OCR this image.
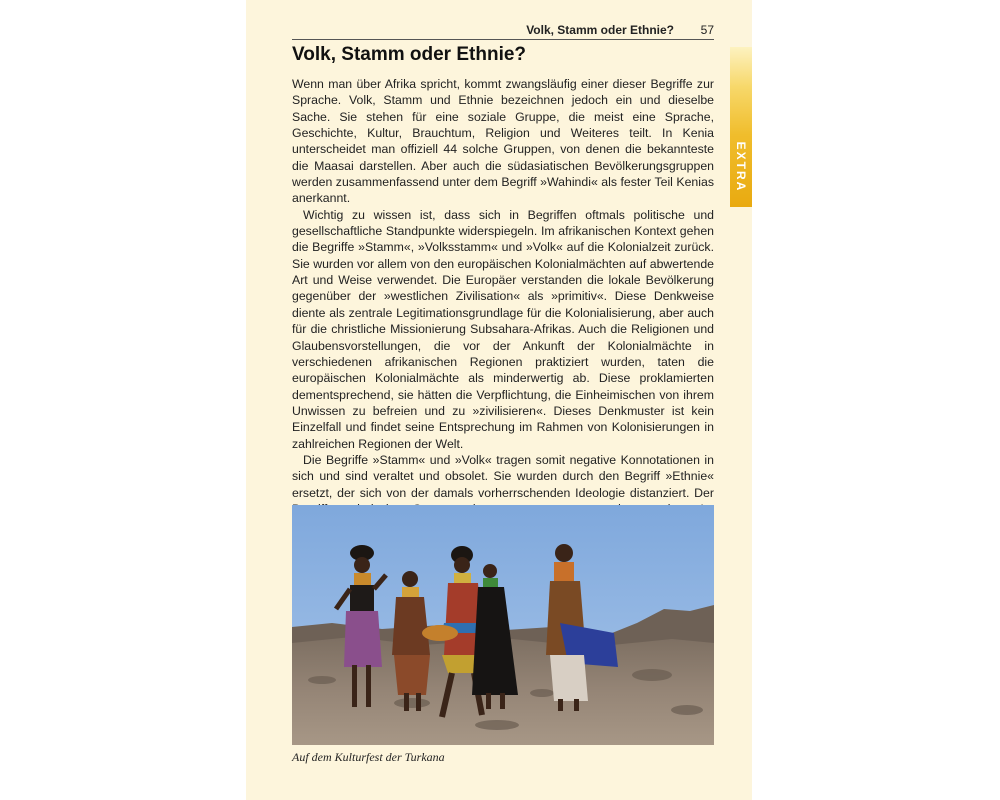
Volk, Stamm oder Ethnie? 57
EXTRA
Volk, Stamm oder Ethnie?

Wenn man über Afrika spricht, kommt zwangsläufig einer dieser Begriffe zur Sprache. Volk, Stamm und Ethnie bezeichnen jedoch ein und dieselbe Sache. Sie stehen für eine soziale Gruppe, die meist eine Sprache, Geschichte, Kultur, Brauchtum, Religion und Weiteres teilt. In Kenia unterscheidet man offiziell 44 solche Gruppen, von denen die bekannteste die Maasai darstellen. Aber auch die südasiatischen Bevölkerungsgruppen werden zusammenfassend unter dem Begriff »Wahindi« als fester Teil Kenias anerkannt.

Wichtig zu wissen ist, dass sich in Begriffen oftmals politische und gesellschaftliche Standpunkte widerspiegeln. Im afrikanischen Kontext gehen die Begriffe »Stamm«, »Volksstamm« und »Volk« auf die Kolonialzeit zurück. Sie wurden vor allem von den europäischen Kolonialmächten auf abwertende Art und Weise verwendet. Die Europäer verstanden die lokale Bevölkerung gegenüber der »westlichen Zivilisation« als »primitiv«. Diese Denkweise diente als zentrale Legitimationsgrundlage für die Kolonialisierung, aber auch für die christliche Missionierung Subsahara-Afrikas. Auch die Religionen und Glaubensvorstellungen, die vor der Ankunft der Kolonialmächte in verschiedenen afrikanischen Regionen praktiziert wurden, taten die europäischen Kolonialmächte als minderwertig ab. Diese proklamierten dementsprechend, sie hätten die Verpflichtung, die Einheimischen von ihrem Unwissen zu befreien und zu »zivilisieren«. Dieses Denkmuster ist kein Einzelfall und findet seine Entsprechung im Rahmen von Kolonisierungen in zahlreichen Regionen der Welt.

Die Begriffe »Stamm« und »Volk« tragen somit negative Konnotationen in sich und sind veraltet und obsolet. Sie wurden durch den Begriff »Ethnie« ersetzt, der sich von der damals vorherrschenden Ideologie distanziert. Der

Auf dem Kulturfest der Turkana
